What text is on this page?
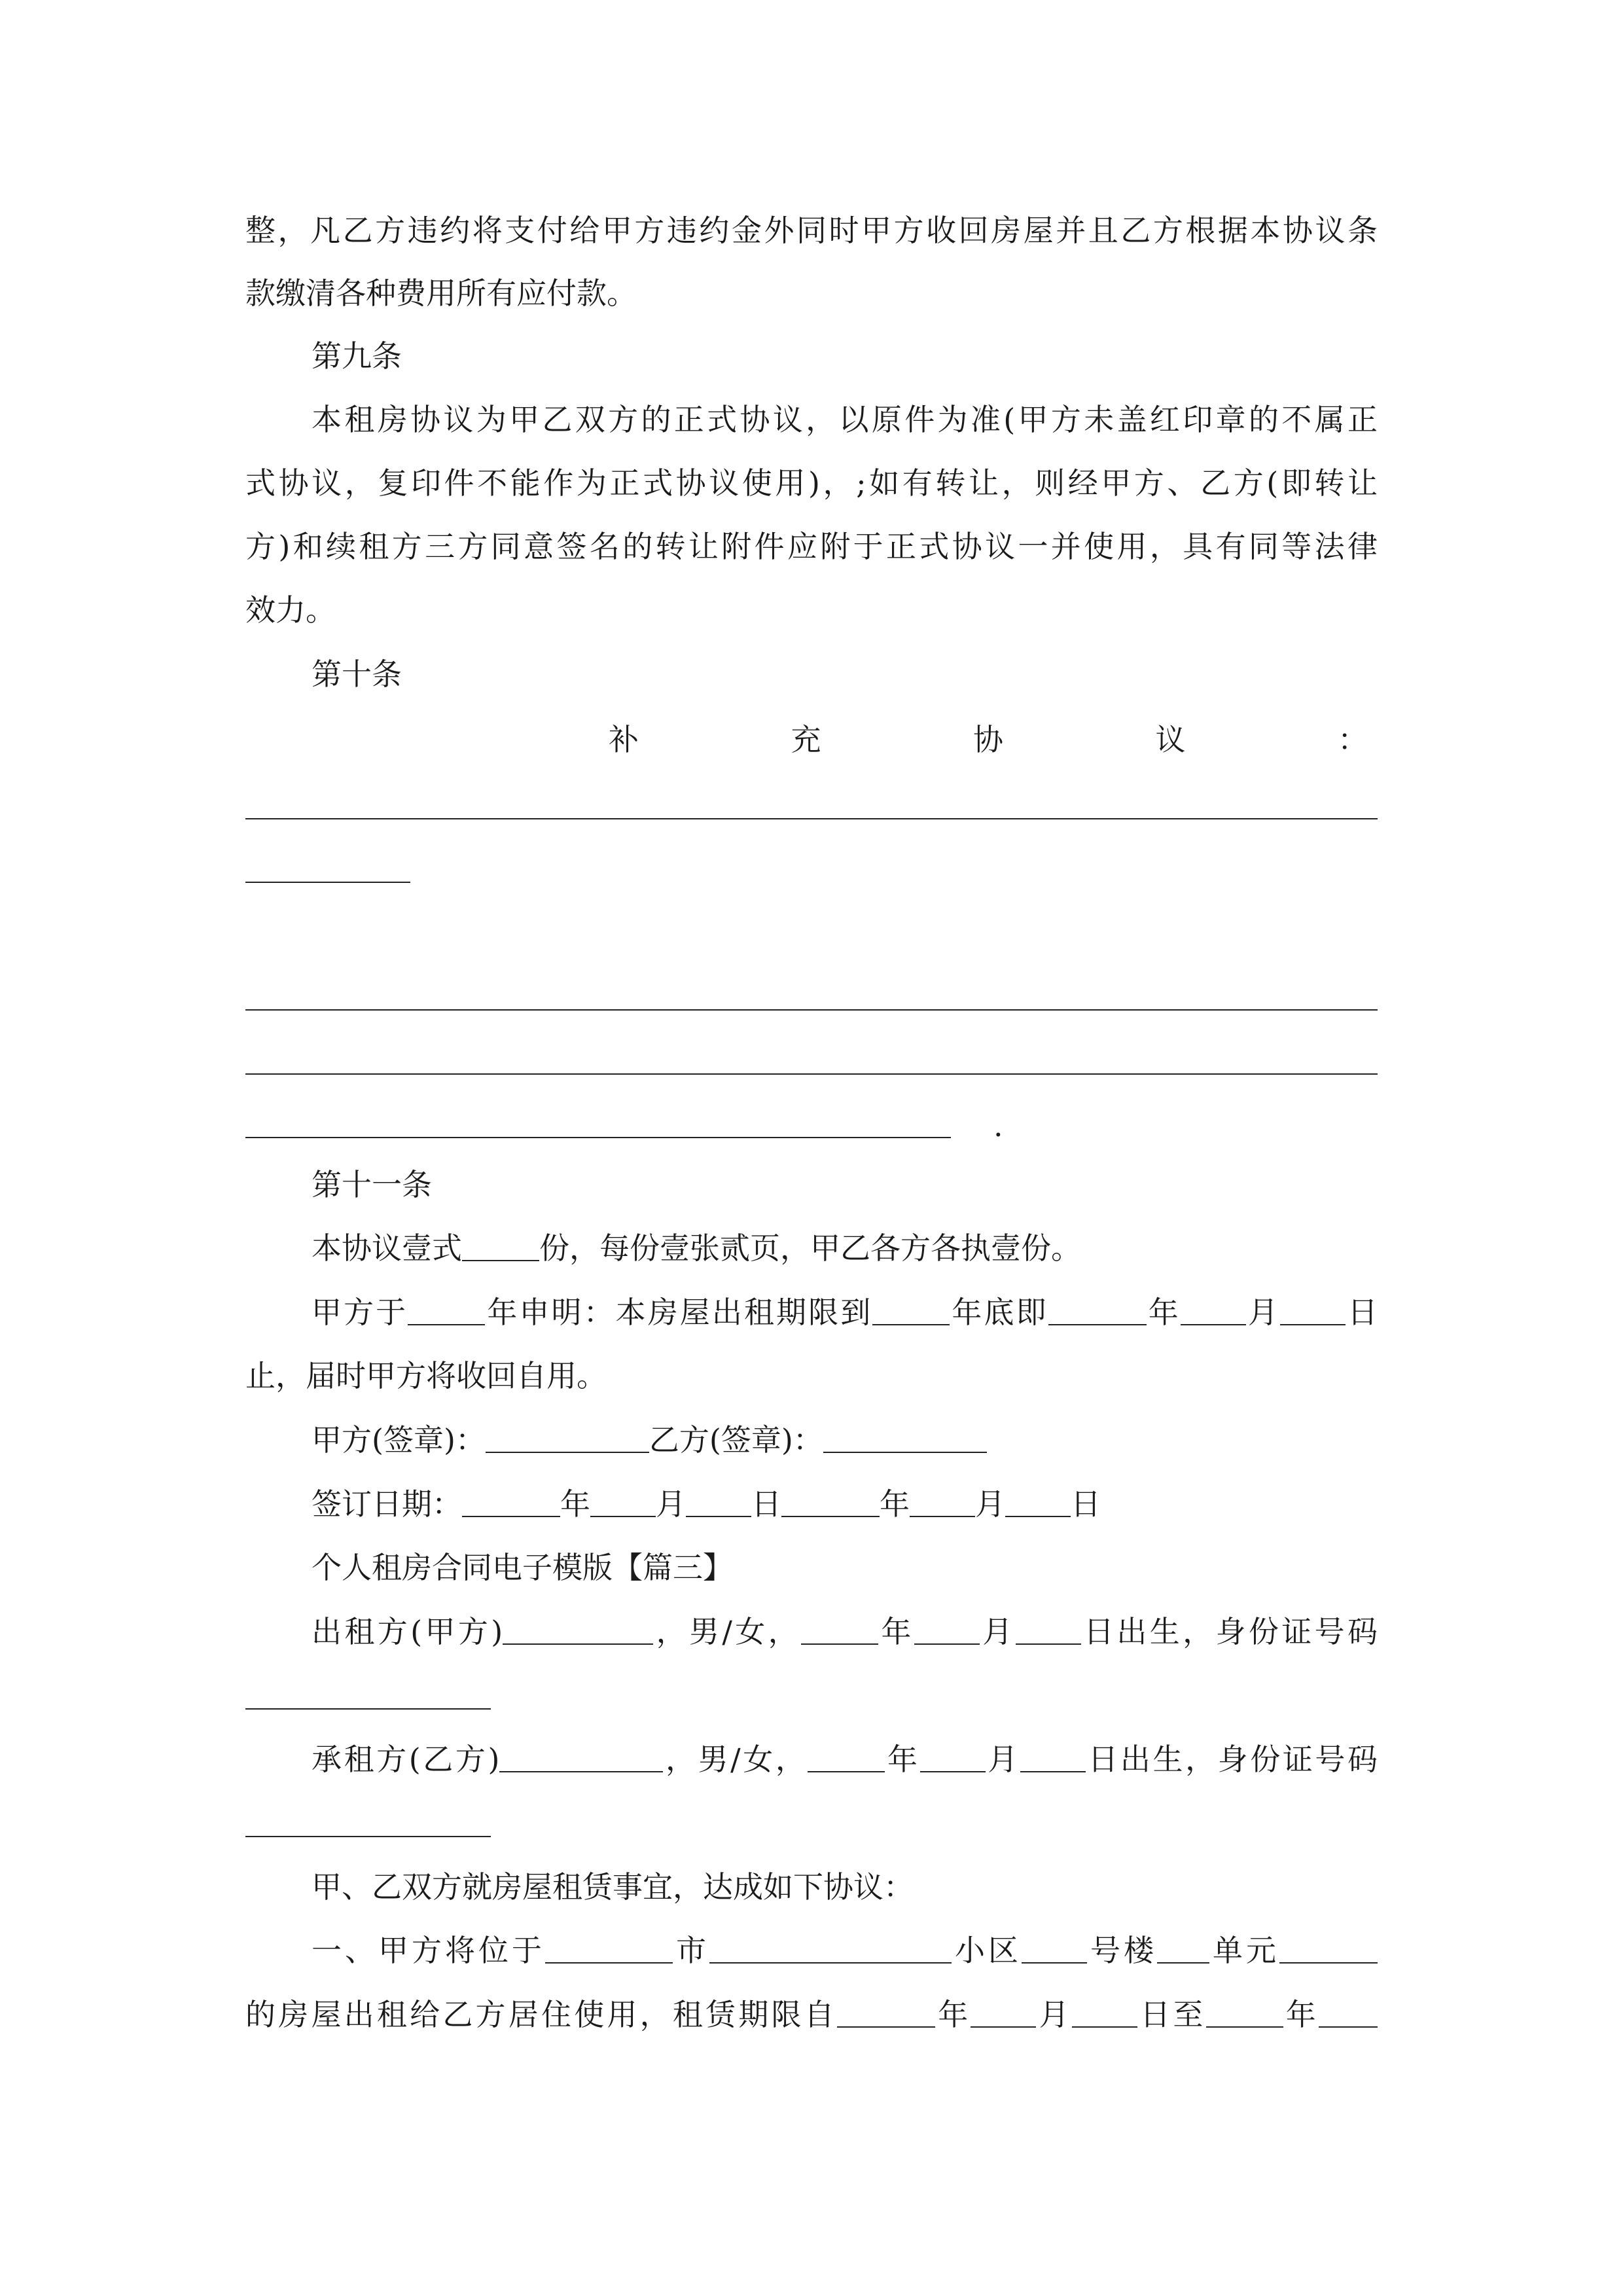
整，凡乙方违约将支付给甲方违约金外同时甲方收回房屋并且乙方根据本协议条
款缴清各种费用所有应付款。
第九条
本租房协议为甲乙双方的正式协议，以原件为准(甲方未盖红印章的不属正
式协议，复印件不能作为正式协议使用)，;如有转让，则经甲方、乙方(即转让
方)和续租方三方同意签名的转让附件应附于正式协议一并使用，具有同等法律
效力。
第十条
补	充	协	议	：
.
第十一条
本协议壹式	份，每份壹张贰页，甲乙各方各执壹份。
甲方于	年申明：本房屋出租期限到	年底即	年 月 日
止，届时甲方将收回自用。
甲方(签章)：	乙方(签章)：
签订日期：	年 月 日	年 月 日
个人租房合同电子模版【篇三】
出租方(甲方)	，男/女，	年 月 日出生，身份证号码
承租方(乙方)	，男/女，	年 月 日出生，身份证号码
甲、乙双方就房屋租赁事宜，达成如下协议：
一、甲方将位于	市	小区 号楼 单元
的房屋出租给乙方居住使用，租赁期限自	年 月 日至	年
